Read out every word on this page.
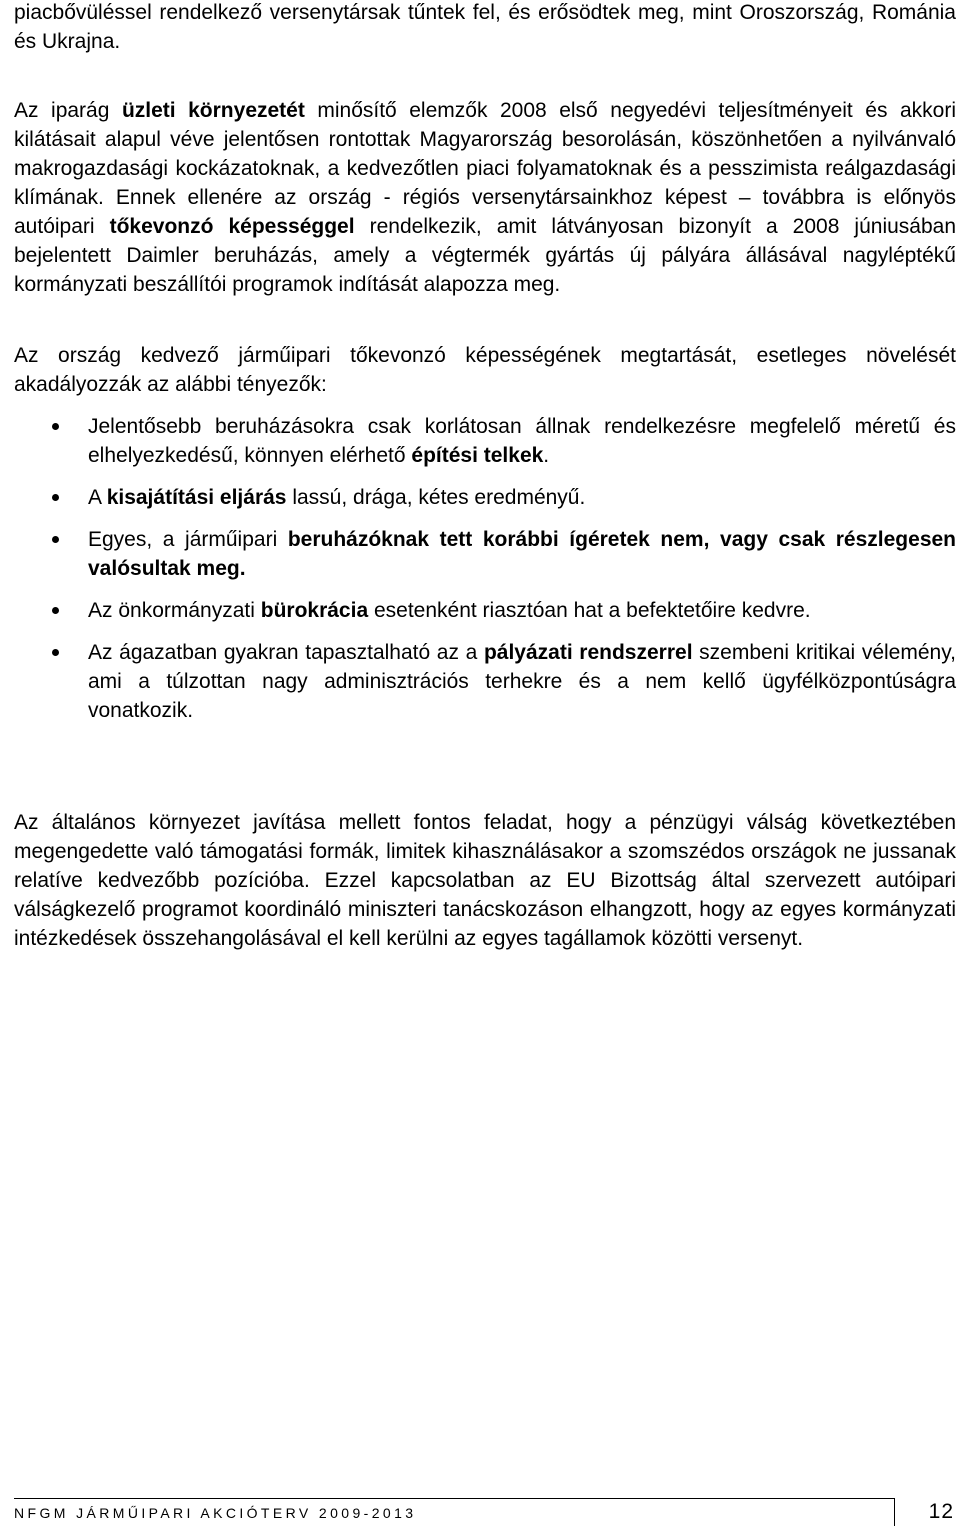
piacbővüléssel rendelkező versenytársak tűntek fel, és erősödtek meg, mint Oroszország, Románia és Ukrajna.

Az iparág üzleti környezetét minősítő elemzők 2008 első negyedévi teljesítményeit és akkori kilátásait alapul véve jelentősen rontottak Magyarország besorolásán, köszönhetően a nyilvánvaló makrogazdasági kockázatoknak, a kedvezőtlen piaci folyamatoknak és a pesszimista reálgazdasági klímának. Ennek ellenére az ország - régiós versenytársainkhoz képest – továbbra is előnyös autóipari tőkevonzó képességgel rendelkezik, amit látványosan bizonyít a 2008 júniusában bejelentett Daimler beruházás, amely a végtermék gyártás új pályára állásával nagyléptékű kormányzati beszállítói programok indítását alapozza meg.

Az ország kedvező járműipari tőkevonzó képességének megtartását, esetleges növelését akadályozzák az alábbi tényezők:

Jelentősebb beruházásokra csak korlátosan állnak rendelkezésre megfelelő méretű és elhelyezkedésű, könnyen elérhető építési telkek.
A kisajátítási eljárás lassú, drága, kétes eredményű.
Egyes, a járműipari beruházóknak tett korábbi ígéretek nem, vagy csak részlegesen valósultak meg.
Az önkormányzati bürokrácia esetenként riasztóan hat a befektetőire kedvre.
Az ágazatban gyakran tapasztalható az a pályázati rendszerrel szembeni kritikai vélemény, ami a túlzottan nagy adminisztrációs terhekre és a nem kellő ügyfélközpontúságra vonatkozik.

Az általános környezet javítása mellett fontos feladat, hogy a pénzügyi válság következtében megengedette való támogatási formák, limitek kihasználásakor a szomszédos országok ne jussanak relatíve kedvezőbb pozícióba. Ezzel kapcsolatban az EU Bizottság által szervezett autóipari válságkezelő programot koordináló miniszteri tanácskozáson elhangzott, hogy az egyes kormányzati intézkedések összehangolásával el kell kerülni az egyes tagállamok közötti versenyt.

NFGM JÁRMŰIPARI AKCIÓTERV 2009-2013	12
